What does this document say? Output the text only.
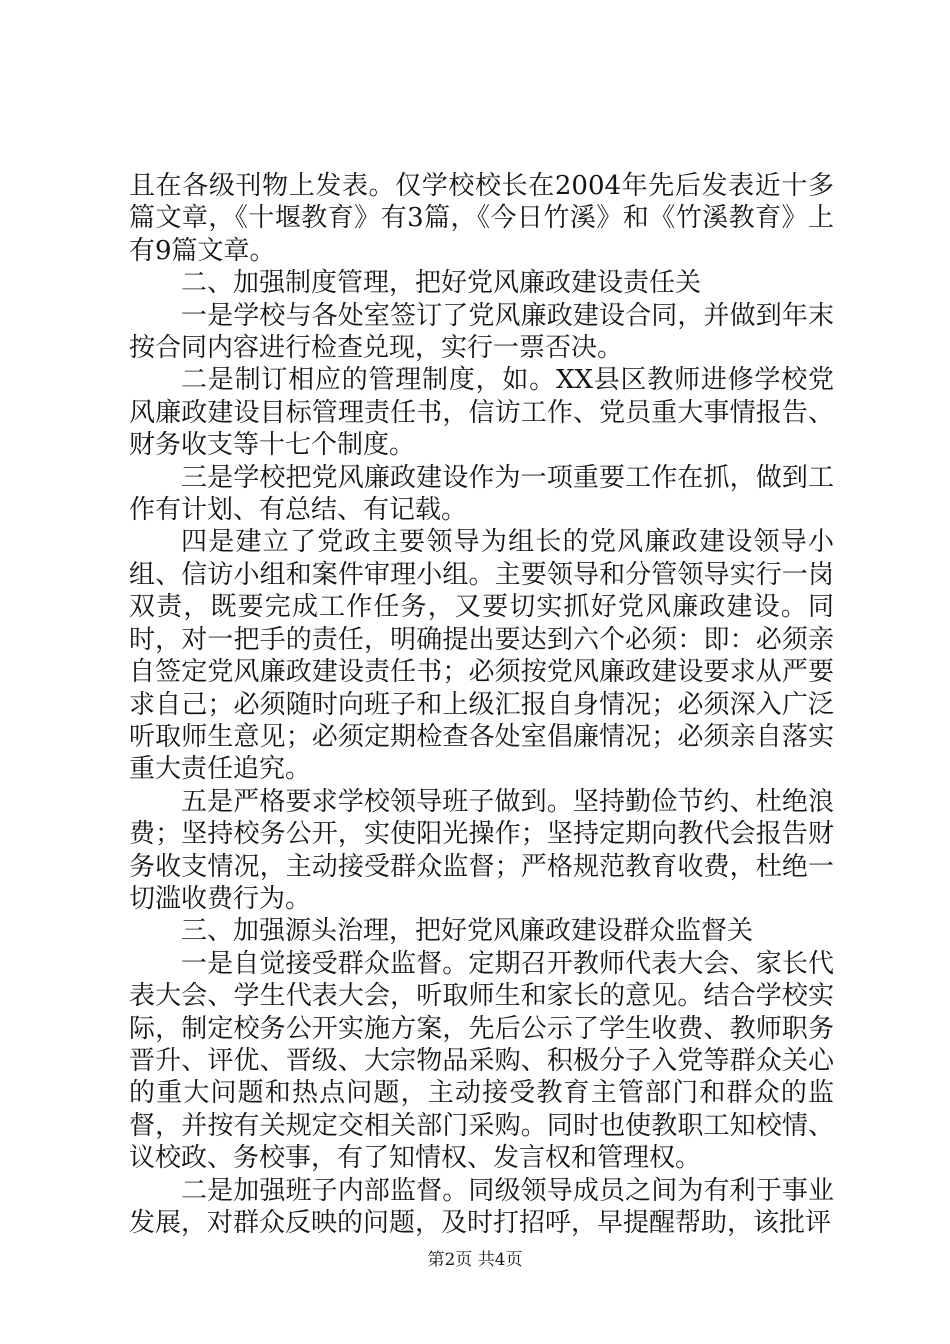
且在各级刊物上发表。仅学校校长在2004年先后发表近十多篇文章，《十堰教育》有3篇，《今日竹溪》和《竹溪教育》上有9篇文章。

二、加强制度管理，把好党风廉政建设责任关

一是学校与各处室签订了党风廉政建设合同，并做到年末按合同内容进行检查兑现，实行一票否决。

二是制订相应的管理制度，如。XX县区教师进修学校党风廉政建设目标管理责任书，信访工作、党员重大事情报告、财务收支等十七个制度。

三是学校把党风廉政建设作为一项重要工作在抓，做到工作有计划、有总结、有记载。

四是建立了党政主要领导为组长的党风廉政建设领导小组、信访小组和案件审理小组。主要领导和分管领导实行一岗双责，既要完成工作任务，又要切实抓好党风廉政建设。同时，对一把手的责任，明确提出要达到六个必须：即：必须亲自签定党风廉政建设责任书；必须按党风廉政建设要求从严要求自己；必须随时向班子和上级汇报自身情况；必须深入广泛听取师生意见；必须定期检查各处室倡廉情况；必须亲自落实重大责任追究。

五是严格要求学校领导班子做到。坚持勤俭节约、杜绝浪费；坚持校务公开，实使阳光操作；坚持定期向教代会报告财务收支情况，主动接受群众监督；严格规范教育收费，杜绝一切滥收费行为。

三、加强源头治理，把好党风廉政建设群众监督关

一是自觉接受群众监督。定期召开教师代表大会、家长代表大会、学生代表大会，听取师生和家长的意见。结合学校实际，制定校务公开实施方案，先后公示了学生收费、教师职务晋升、评优、晋级、大宗物品采购、积极分子入党等群众关心的重大问题和热点问题，主动接受教育主管部门和群众的监督，并按有关规定交相关部门采购。同时也使教职工知校情、议校政、务校事，有了知情权、发言权和管理权。

二是加强班子内部监督。同级领导成员之间为有利于事业发展，对群众反映的问题，及时打招呼，早提醒帮助，该批评

第2页 共4页
